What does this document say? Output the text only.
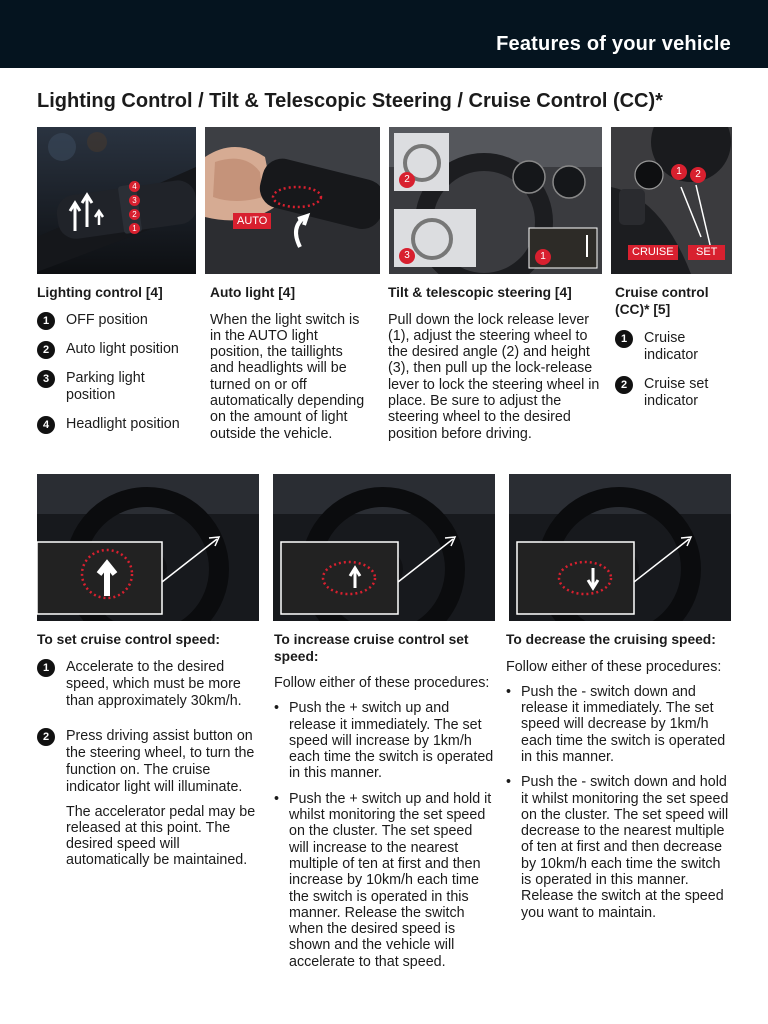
Features of your vehicle
Lighting Control / Tilt & Telescopic Steering / Cruise Control (CC)*
4
3
2
1
AUTO
2
3	1
1	2
CRUISE	SET
Lighting control [4]
1	OFF position
2	Auto light position
3	Parking light position
4	Headlight position
Auto light [4]

When the light switch is in the AUTO light position, the taillights and headlights will be turned on or off automatically depending on the amount of light outside the vehicle.

Tilt & telescopic steering [4]

Pull down the lock release lever (1), adjust the steering wheel to the desired angle (2) and height (3), then pull up the lock-release lever to lock the steering wheel in place. Be sure to adjust the steering wheel to the desired position before driving.

Cruise control (CC)* [5]
1	Cruise indicator
2	Cruise set indicator
To set cruise control speed:
1	Accelerate to the desired speed, which must be more than approximately 30km/h.
2	Press driving assist button on the steering wheel, to turn the function on. The cruise indicator light will illuminate.

The accelerator pedal may be released at this point. The desired speed will automatically be maintained.

To increase cruise control set speed:

Follow either of these procedures:

• Push the + switch up and release it immediately. The set speed will increase by 1km/h each time the switch is operated in this manner.
• Push the + switch up and hold it whilst monitoring the set speed on the cluster. The set speed will increase to the nearest multiple of ten at first and then increase by 10km/h each time the switch is operated in this manner. Release the switch when the desired speed is shown and the vehicle will accelerate to that speed.
To decrease the cruising speed:

Follow either of these procedures:

• Push the - switch down and release it immediately. The set speed will decrease by 1km/h each time the switch is operated in this manner.
• Push the - switch down and hold it whilst monitoring the set speed on the cluster. The set speed will decrease to the nearest multiple of ten at first and then decrease by 10km/h each time the switch is operated in this manner. Release the switch at the speed you want to maintain.
